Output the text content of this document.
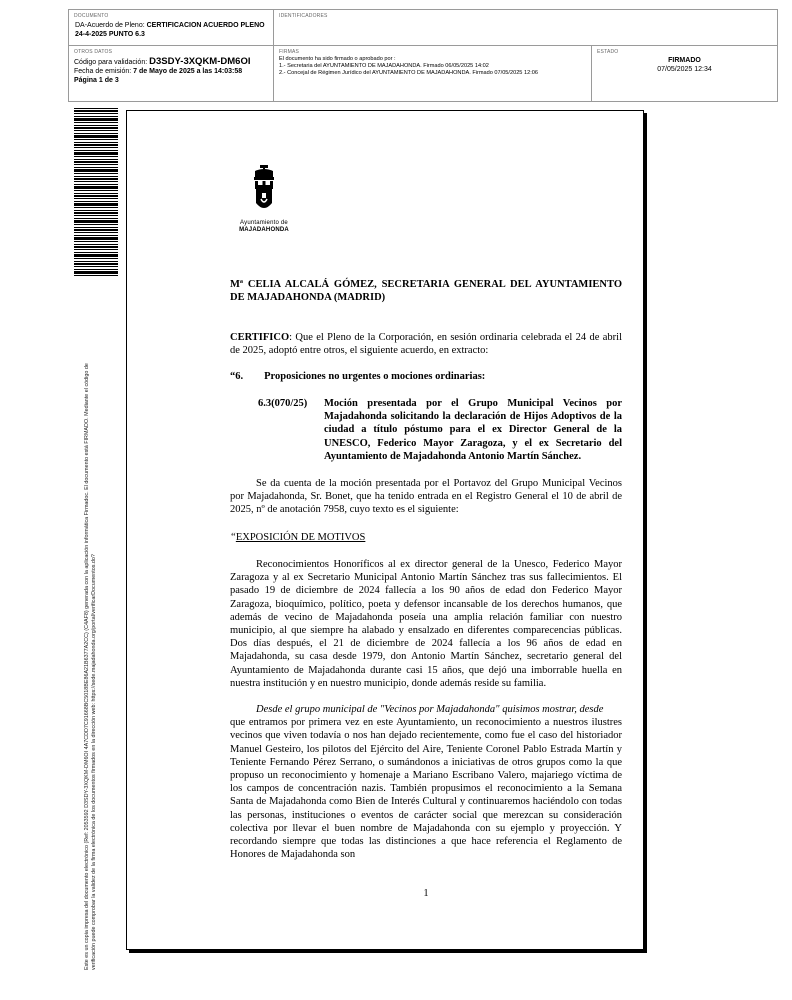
DOCUMENTO
DA-Acuerdo de Pleno: CERTIFICACION ACUERDO PLENO 24-4-2025 PUNTO 6.3
IDENTIFICADORES
OTROS DATOS
Código para validación: D3SDY-3XQKM-DM6OI
Fecha de emisión: 7 de Mayo de 2025 a las 14:03:58
Página 1 de 3
FIRMAS
El documento ha sido firmado o aprobado por :
1.- Secretaria del AYUNTAMIENTO DE MAJADAHONDA. Firmado 06/05/2025 14:02
2.- Concejal de Régimen Jurídico del AYUNTAMIENTO DE MAJADAHONDA. Firmado 07/05/2025 12:06
ESTADO
FIRMADO
07/05/2025 12:34
Este es un copia impresa del documento electrónico (Ref: 2053592 D3SDY-3XQKM-DM6OI 4A7CDD7C91668BC5018BE86A21B6377A2CC) (C4AF8) generada con la aplicación informática Firmadoc. El documento está FIRMADO. Mediante el código de verificación puede comprobar la validez de la firma electrónica de los documentos firmados en la dirección web: https://sede.majadahonda.org/portal/verificarDocumentos.do?
Ayuntamiento de
MAJADAHONDA
Mª CELIA ALCALÁ GÓMEZ, SECRETARIA GENERAL DEL AYUNTAMIENTO DE MAJADAHONDA (MADRID)
CERTIFICO: Que el Pleno de la Corporación, en sesión ordinaria celebrada el 24 de abril de 2025, adoptó entre otros, el siguiente acuerdo, en extracto:
“6.        Proposiciones no urgentes o mociones ordinarias:
6.3(070/25)	Moción presentada por el Grupo Municipal Vecinos por Majadahonda solicitando la declaración de Hijos Adoptivos de la ciudad a título póstumo para el ex Director General de la UNESCO, Federico Mayor Zaragoza, y el ex Secretario del Ayuntamiento de Majadahonda Antonio Martín Sánchez.
Se da cuenta de la moción presentada por el Portavoz del Grupo Municipal Vecinos por Majadahonda, Sr. Bonet, que ha tenido entrada en el Registro General el 10 de abril de 2025, nº de anotación 7958, cuyo texto es el siguiente:
“EXPOSICIÓN DE MOTIVOS
Reconocimientos Honoríficos al ex director general de la Unesco, Federico Mayor Zaragoza y al ex Secretario Municipal Antonio Martín Sánchez tras sus fallecimientos. El pasado 19 de diciembre de 2024 fallecía a los 90 años de edad don Federico Mayor Zaragoza, bioquímico, político, poeta y defensor incansable de los derechos humanos, que además de vecino de Majadahonda poseía una amplia relación familiar con nuestro municipio, al que siempre ha alabado y ensalzado en diferentes comparecencias públicas. Dos días después, el 21 de diciembre de 2024 fallecía a los 96 años de edad en Majadahonda, su casa desde 1979, don Antonio Martín Sánchez, secretario general del Ayuntamiento de Majadahonda durante casi 15 años, que dejó una imborrable huella en nuestra institución y en nuestro municipio, donde además reside su familia.
Desde el grupo municipal de "Vecinos por Majadahonda" quisimos mostrar, desde
que entramos por primera vez en este Ayuntamiento, un reconocimiento a nuestros ilustres vecinos que viven todavía o nos han dejado recientemente, como fue el caso del historiador Manuel Gesteiro, los pilotos del Ejército del Aire, Teniente Coronel Pablo Estrada Martín y Teniente Fernando Pérez Serrano, o sumándonos a iniciativas de otros grupos como la que propuso un reconocimiento y homenaje a Mariano Escribano Valero, majariego víctima de los campos de concentración nazis. También propusimos el reconocimiento a la Semana Santa de Majadahonda como Bien de Interés Cultural y continuaremos haciéndolo con todas las personas, instituciones o eventos de carácter social que merezcan su consideración colectiva por llevar el buen nombre de Majadahonda con su ejemplo y proyección. Y recordando siempre que todas las distinciones a que hace referencia el Reglamento de Honores de Majadahonda son
1
